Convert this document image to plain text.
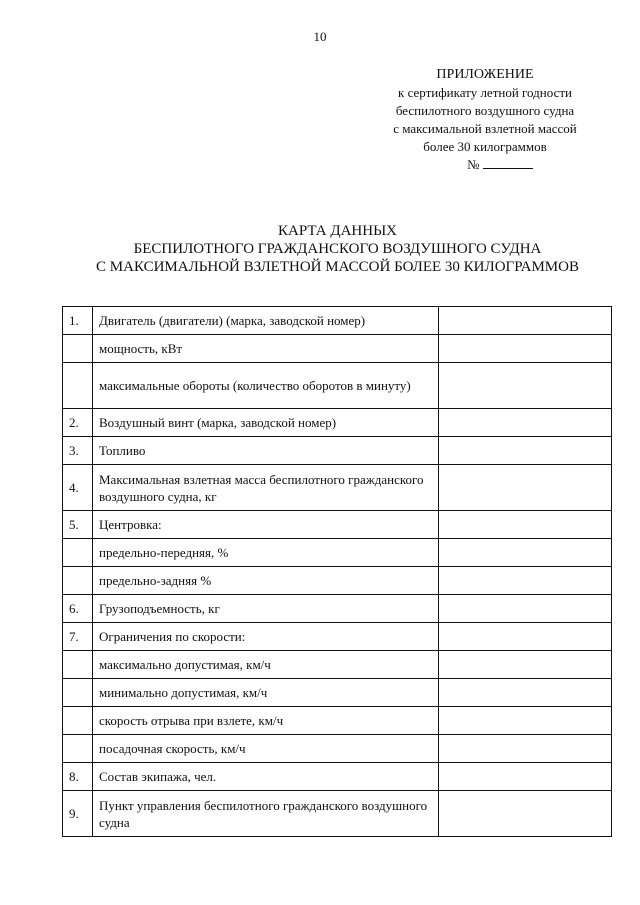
10
ПРИЛОЖЕНИЕ
к сертификату летной годности
беспилотного воздушного судна
с максимальной взлетной массой
более 30 килограммов
№
КАРТА ДАННЫХ
БЕСПИЛОТНОГО ГРАЖДАНСКОГО ВОЗДУШНОГО СУДНА
С МАКСИМАЛЬНОЙ ВЗЛЕТНОЙ МАССОЙ БОЛЕЕ 30 КИЛОГРАММОВ
1.	Двигатель (двигатели) (марка, заводской номер)	
	мощность, кВт	
	максимальные обороты (количество оборотов в минуту)	
2.	Воздушный винт (марка, заводской номер)	
3.	Топливо	
4.	Максимальная взлетная масса беспилотного гражданского воздушного судна, кг	
5.	Центровка:	
	предельно-передняя, %	
	предельно-задняя %	
6.	Грузоподъемность, кг	
7.	Ограничения по скорости:	
	максимально допустимая, км/ч	
	минимально допустимая, км/ч	
	скорость отрыва при взлете, км/ч	
	посадочная скорость, км/ч	
8.	Состав экипажа, чел.	
9.	Пункт управления беспилотного гражданского воздушного судна	
